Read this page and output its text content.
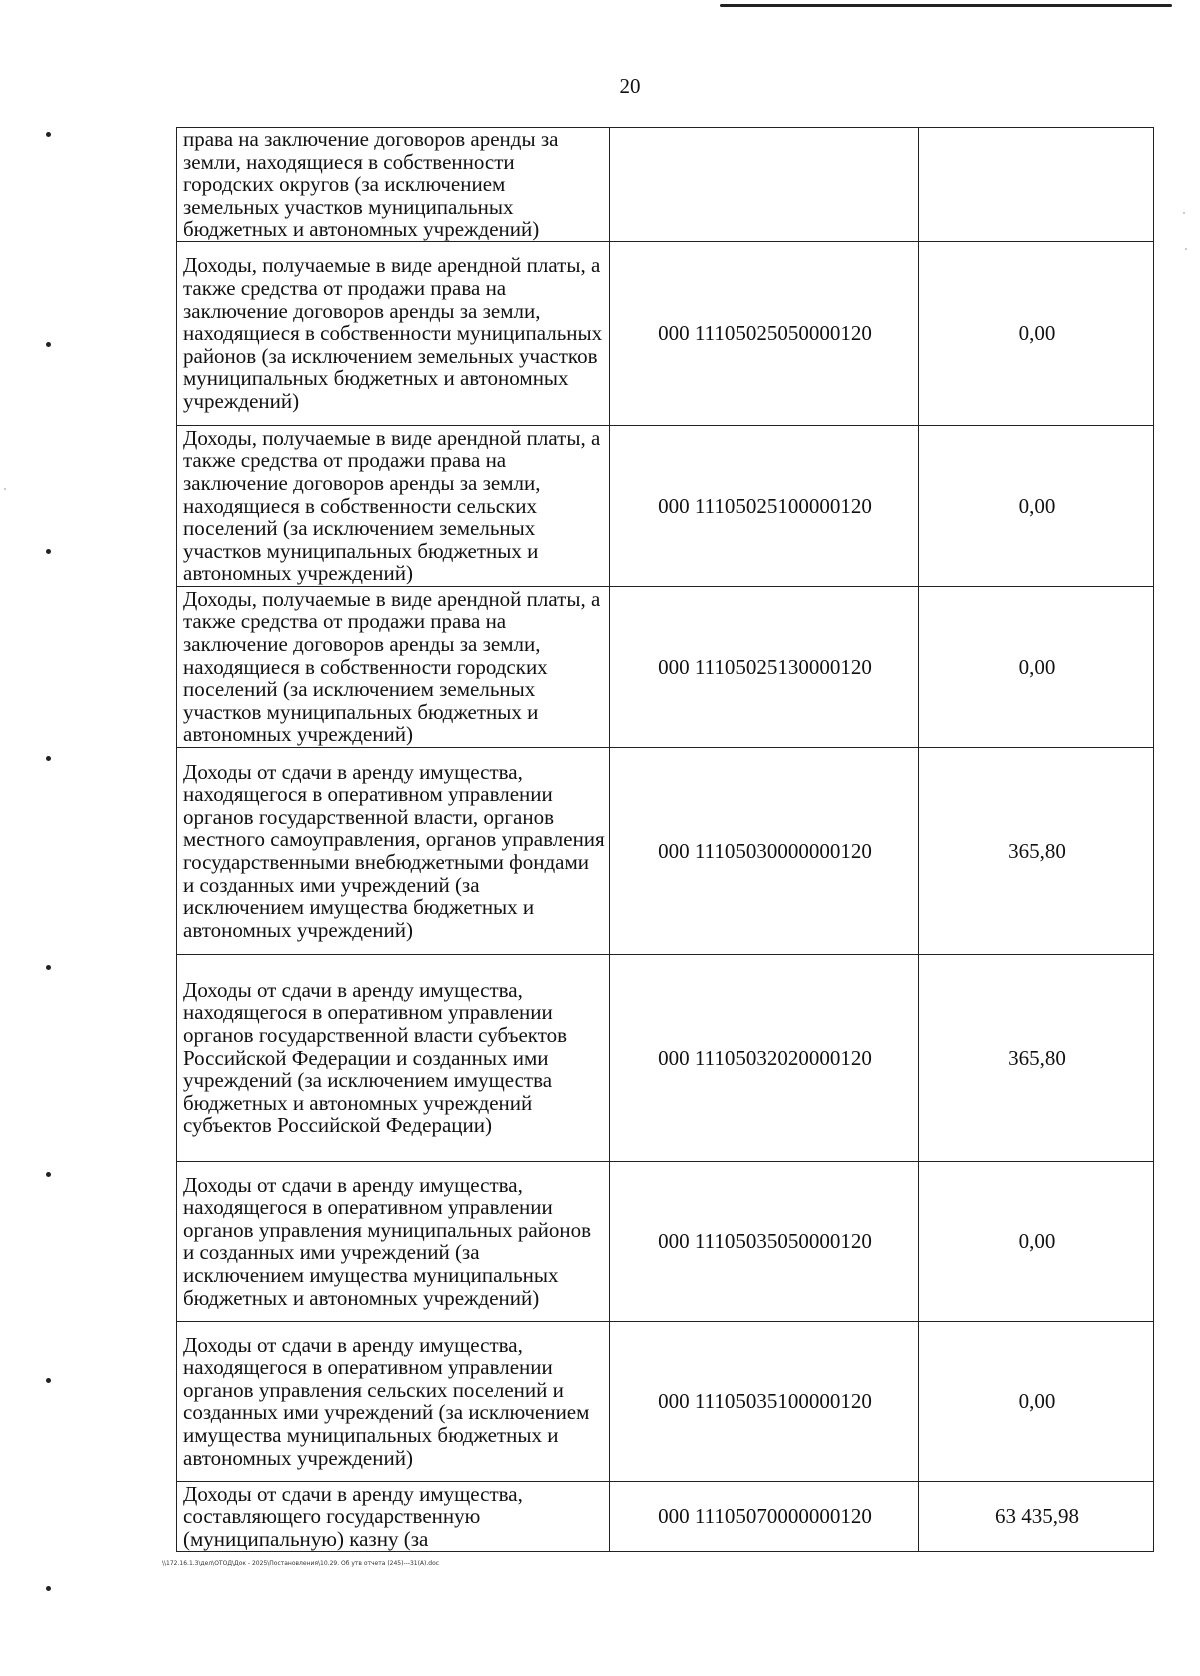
20
права на заключение договоров аренды за земли, находящиеся в собственности городских округов (за исключением земельных участков муниципальных бюджетных и автономных учреждений)		
Доходы, получаемые в виде арендной платы, а также средства от продажи права на заключение договоров аренды за земли, находящиеся в собственности муниципальных районов (за исключением земельных участков муниципальных бюджетных и автономных учреждений)	000 11105025050000120	0,00
Доходы, получаемые в виде арендной платы, а также средства от продажи права на заключение договоров аренды за земли, находящиеся в собственности сельских поселений (за исключением земельных участков муниципальных бюджетных и автономных учреждений)	000 11105025100000120	0,00
Доходы, получаемые в виде арендной платы, а также средства от продажи права на заключение договоров аренды за земли, находящиеся в собственности городских поселений (за исключением земельных участков муниципальных бюджетных и автономных учреждений)	000 11105025130000120	0,00
Доходы от сдачи в аренду имущества, находящегося в оперативном управлении органов государственной власти, органов местного самоуправления, органов управления государственными внебюджетными фондами и созданных ими учреждений (за исключением имущества бюджетных и автономных учреждений)	000 11105030000000120	365,80
Доходы от сдачи в аренду имущества, находящегося в оперативном управлении органов государственной власти субъектов Российской Федерации и созданных ими учреждений (за исключением имущества бюджетных и автономных учреждений субъектов Российской Федерации)	000 11105032020000120	365,80
Доходы от сдачи в аренду имущества, находящегося в оперативном управлении органов управления муниципальных районов и созданных ими учреждений (за исключением имущества муниципальных бюджетных и автономных учреждений)	000 11105035050000120	0,00
Доходы от сдачи в аренду имущества, находящегося в оперативном управлении органов управления сельских поселений и созданных ими учреждений (за исключением имущества муниципальных бюджетных и автономных учреждений)	000 11105035100000120	0,00
Доходы от сдачи в аренду имущества, составляющего государственную (муниципальную) казну (за	000 11105070000000120	63 435,98
\\172.16.1.3\дел\ОТОД\Док - 2025\Постановления\10.29. Об утв отчета (245)---31(А).doc
